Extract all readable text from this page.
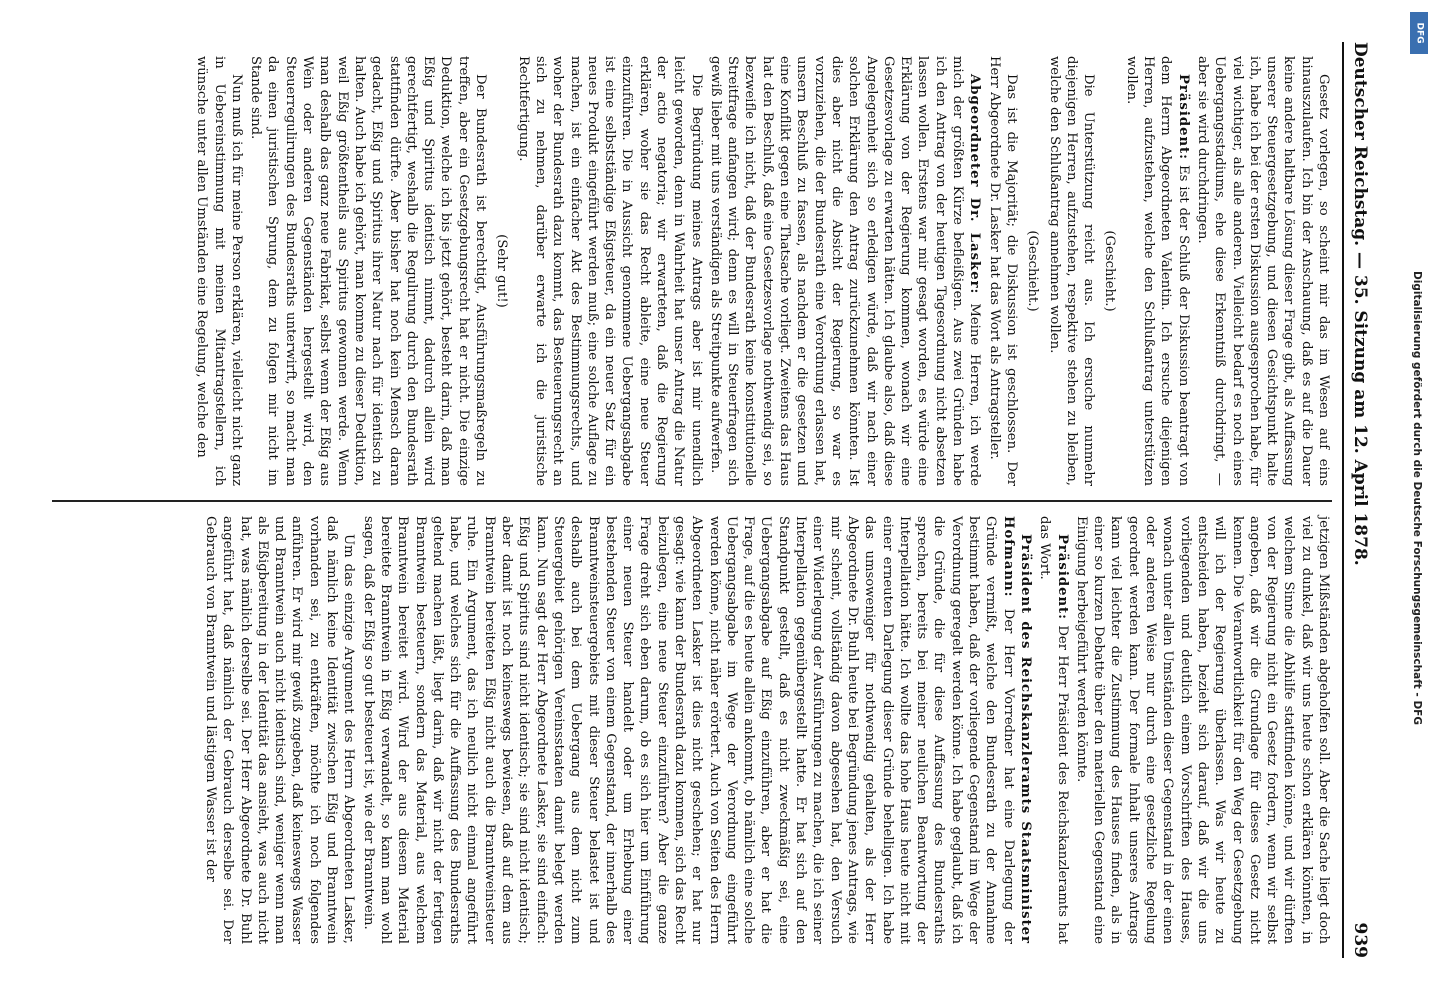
Deutscher Reichstag. — 35. Sitzung am 12. April 1878.
939

Gesetz vorlegen, so scheint mir das im Wesen auf eins hinauszulaufen. Ich bin der Anschauung, daß es auf die Dauer keine andere haltbare Lösung dieser Frage gibt, als Auffassung unserer Steuergesetzgebung, und diesen Gesichtspunkt halte ich, habe ich bei der ersten Diskussion ausgesprochen habe, für viel wichtiger, als alle anderen. Vielleicht bedarf es noch eines Uebergangsstadiums, ehe diese Erkenntniß durchdringt, — aber sie wird durchdringen.

Präsident: Es ist der Schluß der Diskussion beantragt von dem Herrn Abgeordneten Valentin. Ich ersuche diejenigen Herren, aufzustehen, welche den Schlußantrag unterstützen wollen.

(Geschieht.)

Die Unterstützung reicht aus. Ich ersuche nunmehr diejenigen Herren, aufzustehen, respektive stehen zu bleiben, welche den Schlußantrag annehmen wollen.

(Geschieht.)

Das ist die Majorität; die Diskussion ist geschlossen. Der Herr Abgeordnete Dr. Lasker hat das Wort als Antragsteller.

Abgeordneter Dr. Lasker: Meine Herren, ich werde mich der größten Kürze befleißigen. Aus zwei Gründen habe ich den Antrag von der heutigen Tagesordnung nicht absetzen lassen wollen. Erstens war mir gesagt worden, es würde eine Erklärung von der Regierung kommen, wonach wir eine Gesetzesvorlage zu erwarten hätten. Ich glaube also, daß diese Angelegenheit sich so erledigen würde, daß wir nach einer solchen Erklärung den Antrag zurückzunehmen könnten. Ist dies aber nicht die Absicht der Regierung, so war es vorzuziehen, die der Bundesrath eine Verordnung erlassen hat, unsern Beschluß zu fassen, als nachdem er die gesetzen und eine Konflikt gegen eine Thatsache vorliegt. Zweitens das Haus hat den Beschluß, daß eine Gesetzesvorlage nothwendig sei, so bezweifle ich nicht, daß der Bundesrath keine konstitutionelle Streitfrage anfangen wird; denn es will in Steuerfragen sich gewiß lieber mit uns verständigen als Streitpunkte aufwerfen.

Die Begründung meines Antrags aber ist mir unendlich leicht geworden, denn in Wahrheit hat unser Antrag die Natur der actio negatoria; wir erwarteten, daß die Regierung erklären, woher sie das Recht ableite, eine neue Steuer einzuführen. Die in Aussicht genommene Uebergangsabgabe ist eine selbstständige Eßigsteuer, da ein neuer Satz für ein neues Produkt eingeführt werden muß; eine solche Auflage zu machen, ist ein einfacher Akt des Bestimmungsrechts, und woher der Bundesrath dazu kommt, das Besteuerungsrecht an sich zu nehmen, darüber erwarte ich die juristische Rechtfertigung.

(Sehr gut!)

Der Bundesrath ist berechtigt, Ausführungsmaßregeln zu treffen, aber ein Gesetzgebungsrecht hat er nicht. Die einzige Deduktion, welche ich bis jetzt gehört, besteht darin, daß man Eßig und Spiritus identisch nimmt, dadurch allein wird gerechtfertigt, weshalb die Regulirung durch den Bundesrath stattfinden dürfte. Aber bisher hat noch kein Mensch daran gedacht, Eßig und Spiritus ihrer Natur nach für identisch zu halten. Auch habe ich gehört, man komme zu dieser Deduktion, weil Eßig größtentheils aus Spiritus gewonnen werde. Wenn man deshalb das ganz neue Fabrikat, selbst wenn der Eßig aus Wein oder anderen Gegenständen hergestellt wird, den Steuerregulirungen des Bundesraths unterwirft, so macht man da einen juristischen Sprung, dem zu folgen mir nicht im Stande sind.

Nun muß ich für meine Person erklären, vielleicht nicht ganz in Uebereinstimmung mit meinen Mitantragstellern, ich wünsche unter allen Umständen eine Regelung, welche den

jetzigen Mißständen abgeholfen soll. Aber die Sache liegt doch viel zu dunkel, daß wir uns heute schon erklären könnten, in welchem Sinne die Abhilfe stattfinden könne, und wir dürften von der Regierung nicht ein Gesetz fordern, wenn wir selbst angeben, daß wir die Grundlage für dieses Gesetz nicht kennen. Die Verantwortlichkeit für den Weg der Gesetzgebung will ich der Regierung überlassen. Was wir heute zu entscheiden haben, bezieht sich darauf, daß wir die uns vorliegenden und deutlich einem Vorschriften des Hauses, wonach unter allen Umständen dieser Gegenstand in der einen oder anderen Weise nur durch eine gesetzliche Regelung geordnet werden kann. Der formale Inhalt unseres Antrags kann viel leichter die Zustimmung des Hauses finden, als in einer so kurzen Debatte über den materiellen Gegenstand eine Einigung herbeigeführt werden könnte.

Präsident: Der Herr Präsident des Reichskanzleramts hat das Wort.

Präsident des Reichskanzleramts Staatsminister Hofmann: Der Herr Vorredner hat eine Darlegung der Gründe vermißt, welche den Bundesrath zu der Annahme bestimmt haben, daß der vorliegende Gegenstand im Wege der Verordnung geregelt werden könne. Ich habe geglaubt, daß ich die Gründe, die für diese Auffassung des Bundesraths sprechen, bereits bei meiner neulichen Beantwortung der Interpellation hätte. Ich wollte das hohe Haus heute nicht mit einer erneuten Darlegung dieser Gründe behelligen. Ich habe das umsoweniger für nothwendig gehalten, als der Herr Abgeordnete Dr. Buhl heute bei Begründung jenes Antrags, wie mir scheint, vollständig davon abgesehen hat, den Versuch einer Widerlegung der Ausführungen zu machen, die ich seiner Interpellation gegenübergestellt hatte. Er hat sich auf den Standpunkt gestellt, daß es nicht zweckmäßig sei, eine Uebergangsabgabe auf Eßig einzuführen, aber er hat die Frage, auf die es heute allein ankommt, ob nämlich eine solche Uebergangsabgabe im Wege der Verordnung eingeführt werden könne, nicht näher erörtert. Auch von Seiten des Herrn Abgeordneten Lasker ist dies nicht geschehen; er hat nur gesagt: wie kann der Bundesrath dazu kommen, sich das Recht beizulegen, eine neue Steuer einzuführen? Aber die ganze Frage dreht sich eben darum, ob es sich hier um Einführung einer neuen Steuer handelt oder um Erhebung einer bestehenden Steuer von einem Gegenstand, der innerhalb des Branntweinsteuergebiets mit dieser Steuer belastet ist und deshalb auch bei dem Uebergang aus dem nicht zum Steuergebiet gehörigen Vereinsstaaten damit belegt werden kann. Nun sagt der Herr Abgeordnete Lasker, sie sind einfach: Eßig und Spiritus sind nicht identisch; sie sind nicht identisch; aber damit ist noch keineswegs bewiesen, daß auf dem aus Branntwein bereiteten Eßig nicht auch die Branntweinsteuer ruhe. Ein Argument, das ich neulich nicht einmal angeführt habe, und welches sich für die Auffassung des Bundesraths geltend machen läßt, liegt darin, daß wir nicht der fertigen Branntwein besteuern, sondern das Material, aus welchem Branntwein bereitet wird. Wird der aus diesem Material bereitete Branntwein in Eßig verwandelt, so kann man wohl sagen, daß der Eßig so gut besteuert ist, wie der Branntwein.

Um das einzige Argument des Herrn Abgeordneten Lasker, daß nämlich keine Identität zwischen Eßig und Branntwein vorhanden sei, zu entkräften, möchte ich noch folgendes anführen. Er wird mir gewiß zugeben, daß keineswegs Wasser und Branntwein auch nicht identisch sind, weniger wenn man als Eßigbereitung in der Identität das ansieht, was auch nicht hat, was nämlich derselbe sei. Der Herr Abgeordnete Dr. Buhl angeführt hat, daß nämlich der Gebrauch derselbe sei. Der Gebrauch von Branntwein und lästigem Wasser ist der	Digitalisierung gefördert durch die Deutsche Forschungsgemeinschaft - DFG
DFG
